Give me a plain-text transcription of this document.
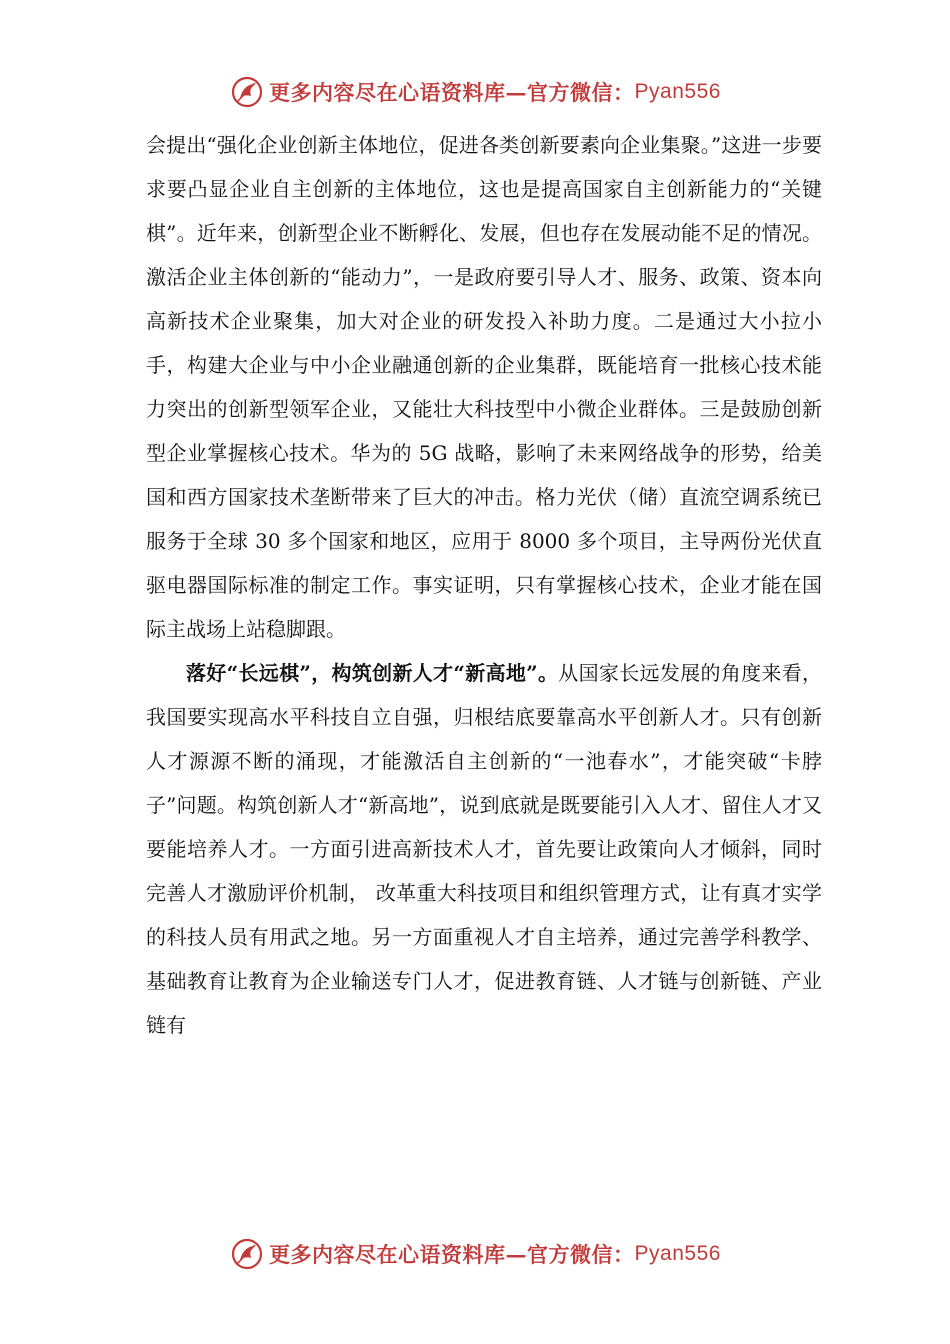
更多内容尽在心语资料库—官方微信： Pyan556

会提出“强化企业创新主体地位，促进各类创新要素向企业集聚。”这进一步要求要凸显企业自主创新的主体地位，这也是提高国家自主创新能力的“关键棋”。近年来，创新型企业不断孵化、发展，但也存在发展动能不足的情况。激活企业主体创新的“能动力”，一是政府要引导人才、服务、政策、资本向高新技术企业聚集，加大对企业的研发投入补助力度。二是通过大小拉小手，构建大企业与中小企业融通创新的企业集群，既能培育一批核心技术能力突出的创新型领军企业，又能壮大科技型中小微企业群体。三是鼓励创新型企业掌握核心技术。华为的 5G 战略，影响了未来网络战争的形势，给美国和西方国家技术垄断带来了巨大的冲击。格力光伏（储）直流空调系统已服务于全球 30 多个国家和地区，应用于 8000 多个项目，主导两份光伏直驱电器国际标准的制定工作。事实证明，只有掌握核心技术，企业才能在国际主战场上站稳脚跟。

落好“长远棋”，构筑创新人才“新高地”。从国家长远发展的角度来看，我国要实现高水平科技自立自强，归根结底要靠高水平创新人才。只有创新人才源源不断的涌现，才能激活自主创新的“一池春水”，才能突破“卡脖子”问题。构筑创新人才“新高地”，说到底就是既要能引入人才、留住人才又要能培养人才。一方面引进高新技术人才，首先要让政策向人才倾斜，同时完善人才激励评价机制， 改革重大科技项目和组织管理方式，让有真才实学的科技人员有用武之地。另一方面重视人才自主培养，通过完善学科教学、基础教育让教育为企业输送专门人才，促进教育链、人才链与创新链、产业链有

更多内容尽在心语资料库—官方微信： Pyan556
